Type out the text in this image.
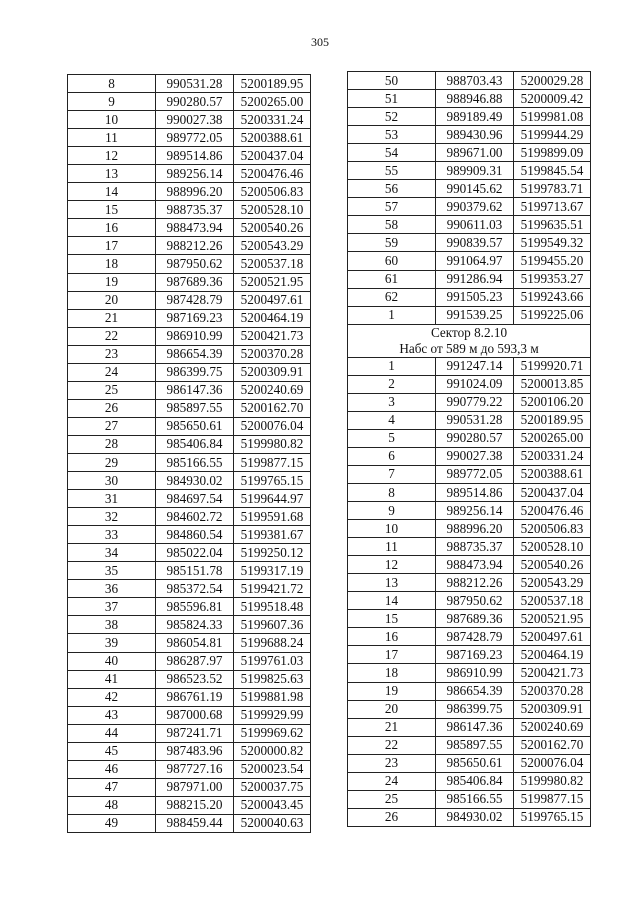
305
8	990531.28	5200189.95
9	990280.57	5200265.00
10	990027.38	5200331.24
11	989772.05	5200388.61
12	989514.86	5200437.04
13	989256.14	5200476.46
14	988996.20	5200506.83
15	988735.37	5200528.10
16	988473.94	5200540.26
17	988212.26	5200543.29
18	987950.62	5200537.18
19	987689.36	5200521.95
20	987428.79	5200497.61
21	987169.23	5200464.19
22	986910.99	5200421.73
23	986654.39	5200370.28
24	986399.75	5200309.91
25	986147.36	5200240.69
26	985897.55	5200162.70
27	985650.61	5200076.04
28	985406.84	5199980.82
29	985166.55	5199877.15
30	984930.02	5199765.15
31	984697.54	5199644.97
32	984602.72	5199591.68
33	984860.54	5199381.67
34	985022.04	5199250.12
35	985151.78	5199317.19
36	985372.54	5199421.72
37	985596.81	5199518.48
38	985824.33	5199607.36
39	986054.81	5199688.24
40	986287.97	5199761.03
41	986523.52	5199825.63
42	986761.19	5199881.98
43	987000.68	5199929.99
44	987241.71	5199969.62
45	987483.96	5200000.82
46	987727.16	5200023.54
47	987971.00	5200037.75
48	988215.20	5200043.45
49	988459.44	5200040.63
50	988703.43	5200029.28
51	988946.88	5200009.42
52	989189.49	5199981.08
53	989430.96	5199944.29
54	989671.00	5199899.09
55	989909.31	5199845.54
56	990145.62	5199783.71
57	990379.62	5199713.67
58	990611.03	5199635.51
59	990839.57	5199549.32
60	991064.97	5199455.20
61	991286.94	5199353.27
62	991505.23	5199243.66
1	991539.25	5199225.06

Сектор 8.2.10
Набс от 589 м до 593,3 м		

1	991247.14	5199920.71
2	991024.09	5200013.85
3	990779.22	5200106.20
4	990531.28	5200189.95
5	990280.57	5200265.00
6	990027.38	5200331.24
7	989772.05	5200388.61
8	989514.86	5200437.04
9	989256.14	5200476.46
10	988996.20	5200506.83
11	988735.37	5200528.10
12	988473.94	5200540.26
13	988212.26	5200543.29
14	987950.62	5200537.18
15	987689.36	5200521.95
16	987428.79	5200497.61
17	987169.23	5200464.19
18	986910.99	5200421.73
19	986654.39	5200370.28
20	986399.75	5200309.91
21	986147.36	5200240.69
22	985897.55	5200162.70
23	985650.61	5200076.04
24	985406.84	5199980.82
25	985166.55	5199877.15
26	984930.02	5199765.15
